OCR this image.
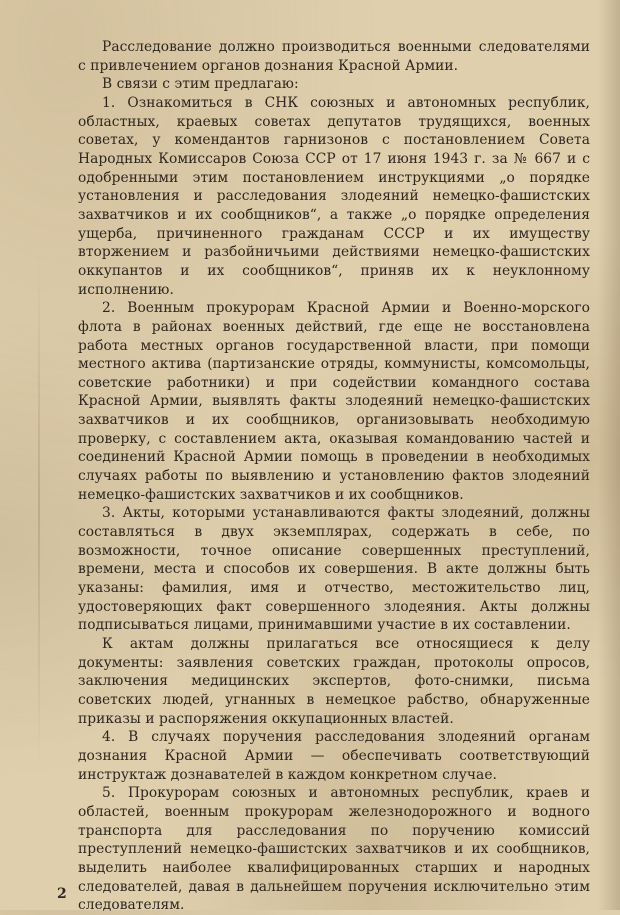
Расследование должно производиться военными следователями с привлечением органов дознания Красной Армии.

В связи с этим предлагаю:

1. Ознакомиться в СНК союзных и автономных республик, областных, краевых советах депутатов трудящихся, военных советах, у комендантов гарнизонов с постановлением Совета Народных Комиссаров Союза ССР от 17 июня 1943 г. за № 667 и с одобренными этим постановлением инструкциями „о порядке установления и расследования злодеяний немецко-фашистских захватчиков и их сообщников“, а также „о порядке определения ущерба, причиненного гражданам СССР и их имуществу вторжением и разбойничьими действиями немецко-фашистских оккупантов и их сообщников“, приняв их к неуклонному исполнению.

2. Военным прокурорам Красной Армии и Военно-морского флота в районах военных действий, где еще не восстановлена работа местных органов государственной власти, при помощи местного актива (партизанские отряды, коммунисты, комсомольцы, советские работники) и при содействии командного состава Красной Армии, выявлять факты злодеяний немецко-фашистских захватчиков и их сообщников, организовывать необходимую проверку, с составлением акта, оказывая командованию частей и соединений Красной Армии помощь в проведении в необходимых случаях работы по выявлению и установлению фактов злодеяний немецко-фашистских захватчиков и их сообщников.

3. Акты, которыми устанавливаются факты злодеяний, должны составляться в двух экземплярах, содержать в себе, по возможности, точное описание совершенных преступлений, времени, места и способов их совершения. В акте должны быть указаны: фамилия, имя и отчество, местожительство лиц, удостоверяющих факт совершенного злодеяния. Акты должны подписываться лицами, принимавшими участие в их составлении.

К актам должны прилагаться все относящиеся к делу документы: заявления советских граждан, протоколы опросов, заключения медицинских экспертов, фото-снимки, письма советских людей, угнанных в немецкое рабство, обнаруженные приказы и распоряжения оккупационных властей.

4. В случаях поручения расследования злодеяний органам дознания Красной Армии — обеспечивать соответствующий инструктаж дознавателей в каждом конкретном случае.

5. Прокурорам союзных и автономных республик, краев и областей, военным прокурорам железнодорожного и водного транспорта для расследования по поручению комиссий преступлений немецко-фашистских захватчиков и их сообщников, выделить наиболее квалифицированных старших и народных следователей, давая в дальнейшем поручения исключительно этим следователям.

2
